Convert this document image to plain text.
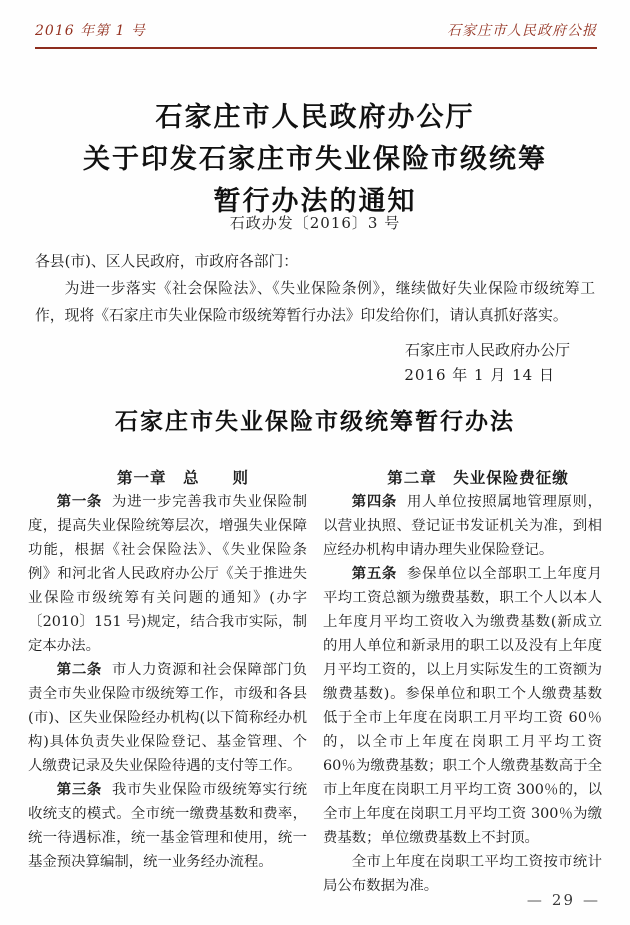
2016 年第 1 号	石家庄市人民政府公报
石家庄市人民政府办公厅
关于印发石家庄市失业保险市级统筹
暂行办法的通知
石政办发〔2016〕3 号

各县(市)、区人民政府，市政府各部门：

为进一步落实《社会保险法》、《失业保险条例》，继续做好失业保险市级统筹工作，现将《石家庄市失业保险市级统筹暂行办法》印发给你们，请认真抓好落实。

石家庄市人民政府办公厅
2016 年 1 月 14 日
石家庄市失业保险市级统筹暂行办法

第一章　总　　则

第一条 为进一步完善我市失业保险制度，提高失业保险统筹层次，增强失业保障功能，根据《社会保险法》、《失业保险条例》和河北省人民政府办公厅《关于推进失业保险市级统筹有关问题的通知》(办字〔2010〕151 号)规定，结合我市实际，制定本办法。

第二条 市人力资源和社会保障部门负责全市失业保险市级统筹工作，市级和各县(市)、区失业保险经办机构(以下简称经办机构)具体负责失业保险登记、基金管理、个人缴费记录及失业保险待遇的支付等工作。

第三条 我市失业保险市级统筹实行统收统支的模式。全市统一缴费基数和费率，统一待遇标准，统一基金管理和使用，统一基金预决算编制，统一业务经办流程。

第二章　失业保险费征缴

第四条 用人单位按照属地管理原则，以营业执照、登记证书发证机关为准，到相应经办机构申请办理失业保险登记。

第五条 参保单位以全部职工上年度月平均工资总额为缴费基数，职工个人以本人上年度月平均工资收入为缴费基数(新成立的用人单位和新录用的职工以及没有上年度月平均工资的，以上月实际发生的工资额为缴费基数)。参保单位和职工个人缴费基数低于全市上年度在岗职工月平均工资 60％的，以全市上年度在岗职工月平均工资 60％为缴费基数；职工个人缴费基数高于全市上年度在岗职工月平均工资 300％的，以全市上年度在岗职工月平均工资 300％为缴费基数；单位缴费基数上不封顶。

全市上年度在岗职工平均工资按市统计局公布数据为准。

— 29 —
